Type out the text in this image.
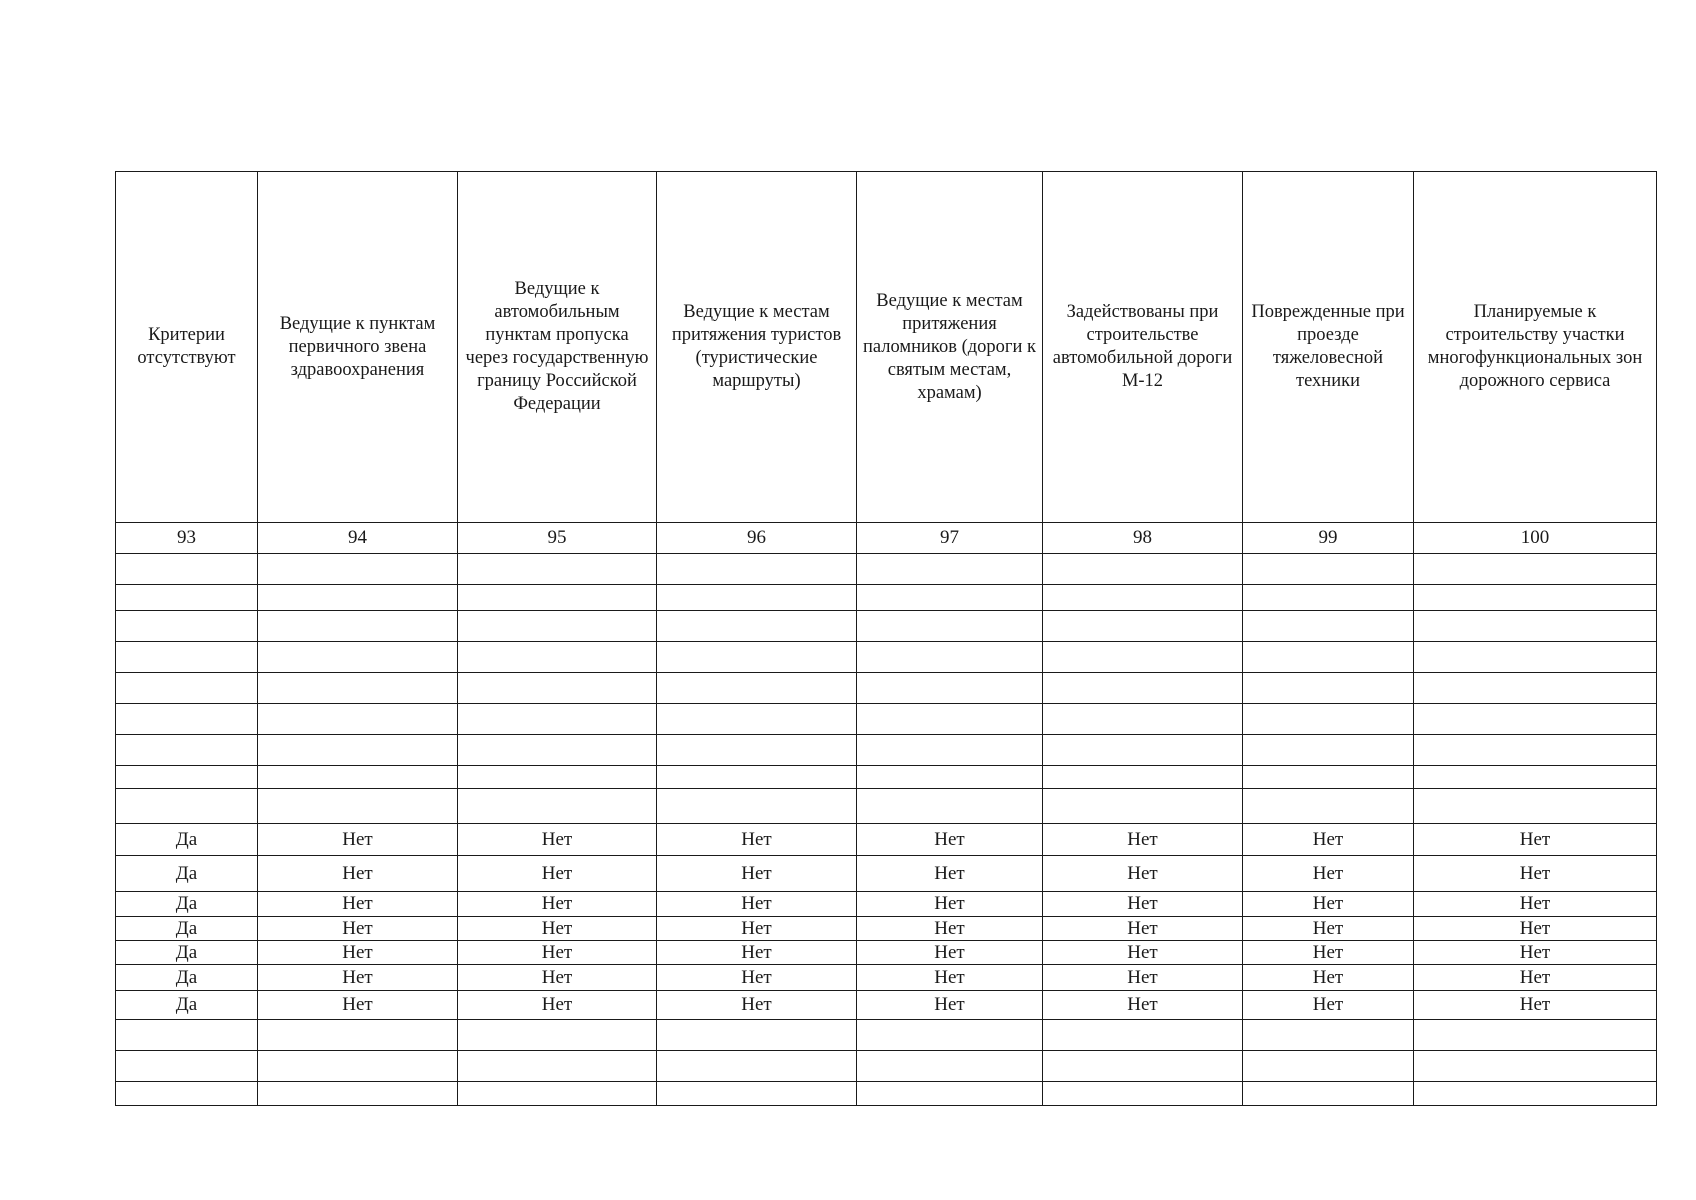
Критерии отсутствуют	Ведущие к пунктам первичного звена здравоохранения	Ведущие к автомобильным пунктам пропуска через государственную границу Российской Федерации	Ведущие к местам притяжения туристов (туристические маршруты)	Ведущие к местам притяжения паломников (дороги к святым местам, храмам)	Задействованы при строительстве автомобильной дороги М-12	Поврежденные при проезде тяжеловесной техники	Планируемые к строительству участки многофункциональных зон дорожного сервиса
93	94	95	96	97	98	99	100

Да	Нет	Нет	Нет	Нет	Нет	Нет	Нет
Да	Нет	Нет	Нет	Нет	Нет	Нет	Нет
Да	Нет	Нет	Нет	Нет	Нет	Нет	Нет
Да	Нет	Нет	Нет	Нет	Нет	Нет	Нет
Да	Нет	Нет	Нет	Нет	Нет	Нет	Нет
Да	Нет	Нет	Нет	Нет	Нет	Нет	Нет
Да	Нет	Нет	Нет	Нет	Нет	Нет	Нет
